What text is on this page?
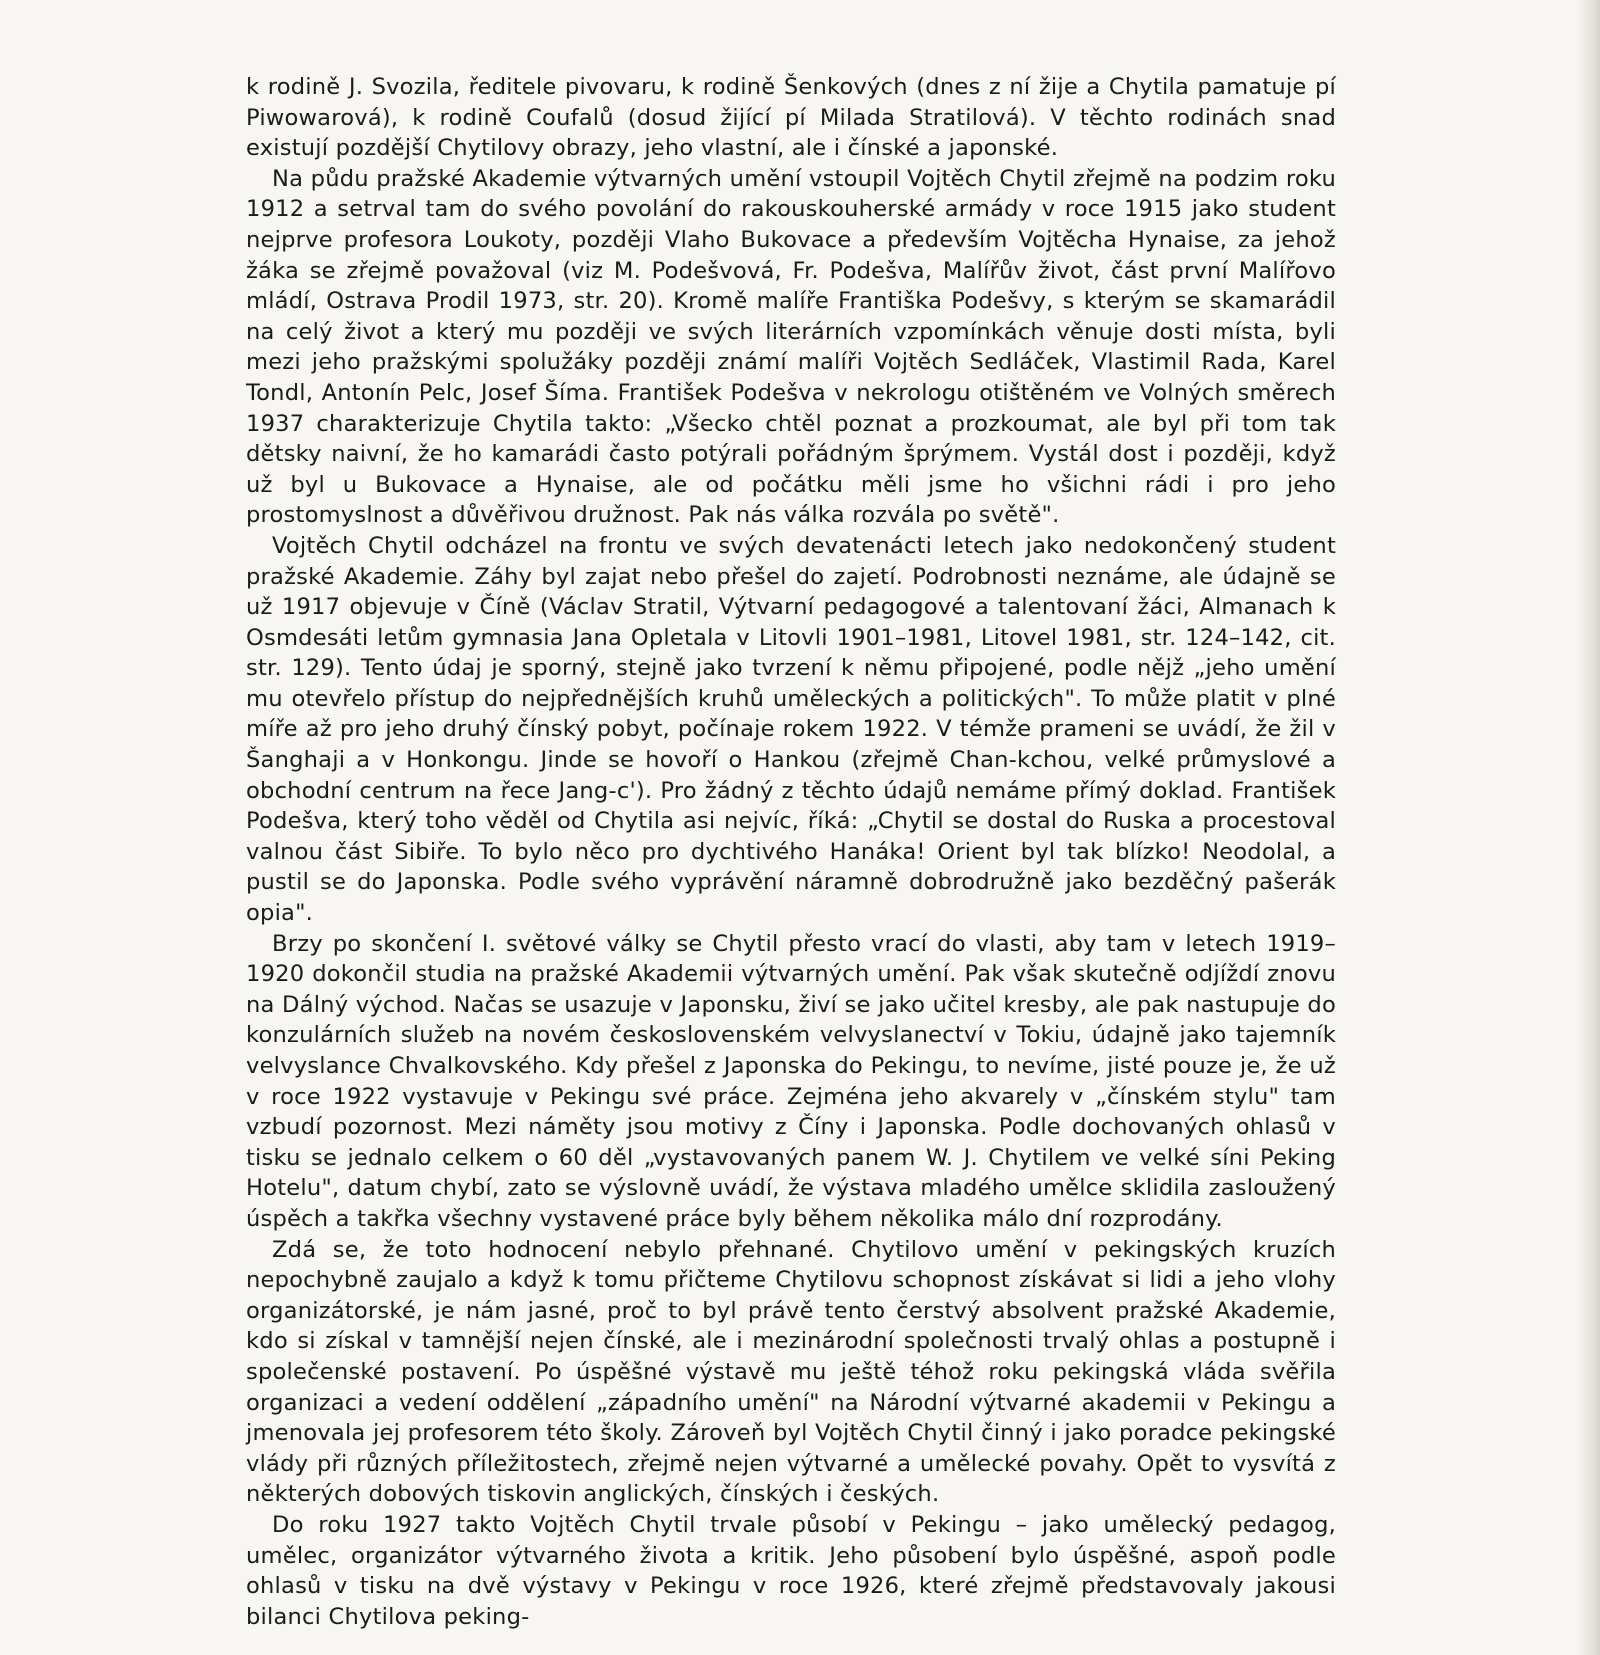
k rodině J. Svozila, ředitele pivovaru, k rodině Šenkových (dnes z ní žije a Chytila pamatuje pí Piwowarová), k rodině Coufalů (dosud žijící pí Milada Stratilová). V těchto rodinách snad existují pozdější Chytilovy obrazy, jeho vlastní, ale i čínské a japonské.

Na půdu pražské Akademie výtvarných umění vstoupil Vojtěch Chytil zřejmě na podzim roku 1912 a setrval tam do svého povolání do rakouskouherské armády v roce 1915 jako student nejprve profesora Loukoty, později Vlaho Bukovace a především Vojtěcha Hynaise, za jehož žáka se zřejmě považoval (viz M. Podešvová, Fr. Podešva, Malířův život, část první Malířovo mládí, Ostrava Prodil 1973, str. 20). Kromě malíře Františka Podešvy, s kterým se skamarádil na celý život a který mu později ve svých literárních vzpomínkách věnuje dosti místa, byli mezi jeho pražskými spolužáky později známí malíři Vojtěch Sedláček, Vlastimil Rada, Karel Tondl, Antonín Pelc, Josef Šíma. František Podešva v nekrologu otištěném ve Volných směrech 1937 charakterizuje Chytila takto: „Všecko chtěl poznat a prozkoumat, ale byl při tom tak dětsky naivní, že ho kamarádi často potýrali pořádným šprýmem. Vystál dost i později, když už byl u Bukovace a Hynaise, ale od počátku měli jsme ho všichni rádi i pro jeho prostomyslnost a důvěřivou družnost. Pak nás válka rozvála po světě".

Vojtěch Chytil odcházel na frontu ve svých devatenácti letech jako nedokončený student pražské Akademie. Záhy byl zajat nebo přešel do zajetí. Podrobnosti neznáme, ale údajně se už 1917 objevuje v Číně (Václav Stratil, Výtvarní pedagogové a talentovaní žáci, Almanach k Osmdesáti letům gymnasia Jana Opletala v Litovli 1901–1981, Litovel 1981, str. 124–142, cit. str. 129). Tento údaj je sporný, stejně jako tvrzení k němu připojené, podle nějž „jeho umění mu otevřelo přístup do nejpřednějších kruhů uměleckých a politických". To může platit v plné míře až pro jeho druhý čínský pobyt, počínaje rokem 1922. V témže prameni se uvádí, že žil v Šanghaji a v Honkongu. Jinde se hovoří o Hankou (zřejmě Chan-kchou, velké průmyslové a obchodní centrum na řece Jang-c'). Pro žádný z těchto údajů nemáme přímý doklad. František Podešva, který toho věděl od Chytila asi nejvíc, říká: „Chytil se dostal do Ruska a procestoval valnou část Sibiře. To bylo něco pro dychtivého Hanáka! Orient byl tak blízko! Neodolal, a pustil se do Japonska. Podle svého vyprávění náramně dobrodružně jako bezděčný pašerák opia".

Brzy po skončení I. světové války se Chytil přesto vrací do vlasti, aby tam v letech 1919–1920 dokončil studia na pražské Akademii výtvarných umění. Pak však skutečně odjíždí znovu na Dálný východ. Načas se usazuje v Japonsku, živí se jako učitel kresby, ale pak nastupuje do konzulárních služeb na novém československém velvyslanectví v Tokiu, údajně jako tajemník velvyslance Chvalkovského. Kdy přešel z Japonska do Pekingu, to nevíme, jisté pouze je, že už v roce 1922 vystavuje v Pekingu své práce. Zejména jeho akvarely v „čínském stylu" tam vzbudí pozornost. Mezi náměty jsou motivy z Číny i Japonska. Podle dochovaných ohlasů v tisku se jednalo celkem o 60 děl „vystavovaných panem W. J. Chytilem ve velké síni Peking Hotelu", datum chybí, zato se výslovně uvádí, že výstava mladého umělce sklidila zasloužený úspěch a takřka všechny vystavené práce byly během několika málo dní rozprodány.

Zdá se, že toto hodnocení nebylo přehnané. Chytilovo umění v pekingských kruzích nepochybně zaujalo a když k tomu přičteme Chytilovu schopnost získávat si lidi a jeho vlohy organizátorské, je nám jasné, proč to byl právě tento čerstvý absolvent pražské Akademie, kdo si získal v tamnější nejen čínské, ale i mezinárodní společnosti trvalý ohlas a postupně i společenské postavení. Po úspěšné výstavě mu ještě téhož roku pekingská vláda svěřila organizaci a vedení oddělení „západního umění" na Národní výtvarné akademii v Pekingu a jmenovala jej profesorem této školy. Zároveň byl Vojtěch Chytil činný i jako poradce pekingské vlády při různých příležitostech, zřejmě nejen výtvarné a umělecké povahy. Opět to vysvítá z některých dobových tiskovin anglických, čínských i českých.

Do roku 1927 takto Vojtěch Chytil trvale působí v Pekingu – jako umělecký pedagog, umělec, organizátor výtvarného života a kritik. Jeho působení bylo úspěšné, aspoň podle ohlasů v tisku na dvě výstavy v Pekingu v roce 1926, které zřejmě představovaly jakousi bilanci Chytilova peking-
